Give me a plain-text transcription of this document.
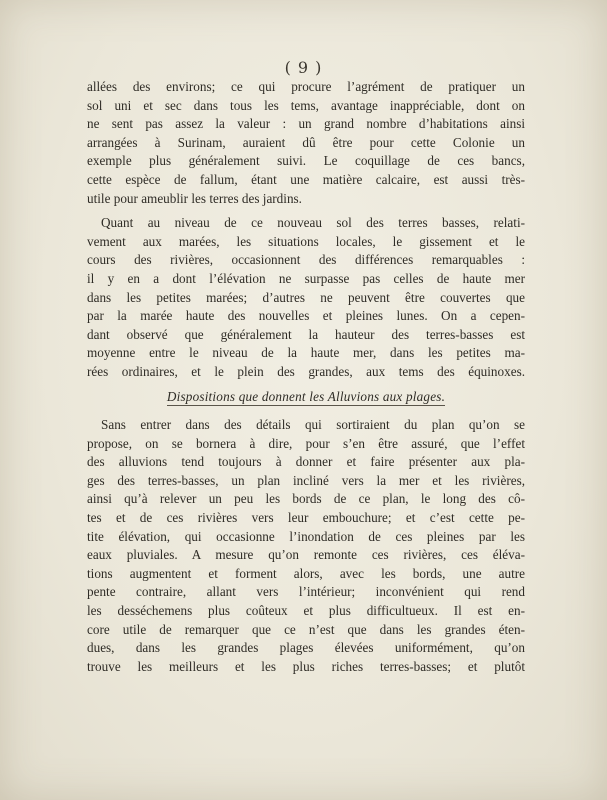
( 9 )
allées des environs; ce qui procure l’agrément de pratiquer un
sol uni et sec dans tous les tems, avantage inappréciable, dont on
ne sent pas assez la valeur : un grand nombre d’habitations ainsi
arrangées à Surinam, auraient dû être pour cette Colonie un
exemple plus généralement suivi. Le coquillage de ces bancs,
cette espèce de fallum, étant une matière calcaire, est aussi très-
utile pour ameublir les terres des jardins.
Quant au niveau de ce nouveau sol des terres basses, relati-
vement aux marées, les situations locales, le gissement et le
cours des rivières, occasionnent des différences remarquables :
il y en a dont l’élévation ne surpasse pas celles de haute mer
dans les petites marées; d’autres ne peuvent être couvertes que
par la marée haute des nouvelles et pleines lunes. On a cepen-
dant observé que généralement la hauteur des terres-basses est
moyenne entre le niveau de la haute mer, dans les petites ma-
rées ordinaires, et le plein des grandes, aux tems des équinoxes.
Dispositions que donnent les Alluvions aux plages.
Sans entrer dans des détails qui sortiraient du plan qu’on se
propose, on se bornera à dire, pour s’en être assuré, que l’effet
des alluvions tend toujours à donner et faire présenter aux pla-
ges des terres-basses, un plan incliné vers la mer et les rivières,
ainsi qu’à relever un peu les bords de ce plan, le long des cô-
tes et de ces rivières vers leur embouchure; et c’est cette pe-
tite élévation, qui occasionne l’inondation de ces pleines par les
eaux pluviales. A mesure qu’on remonte ces rivières, ces éléva-
tions augmentent et forment alors, avec les bords, une autre
pente contraire, allant vers l’intérieur; inconvénient qui rend
les desséchemens plus coûteux et plus difficultueux. Il est en-
core utile de remarquer que ce n’est que dans les grandes éten-
dues, dans les grandes plages élevées uniformément, qu’on
trouve les meilleurs et les plus riches terres-basses; et plutôt
